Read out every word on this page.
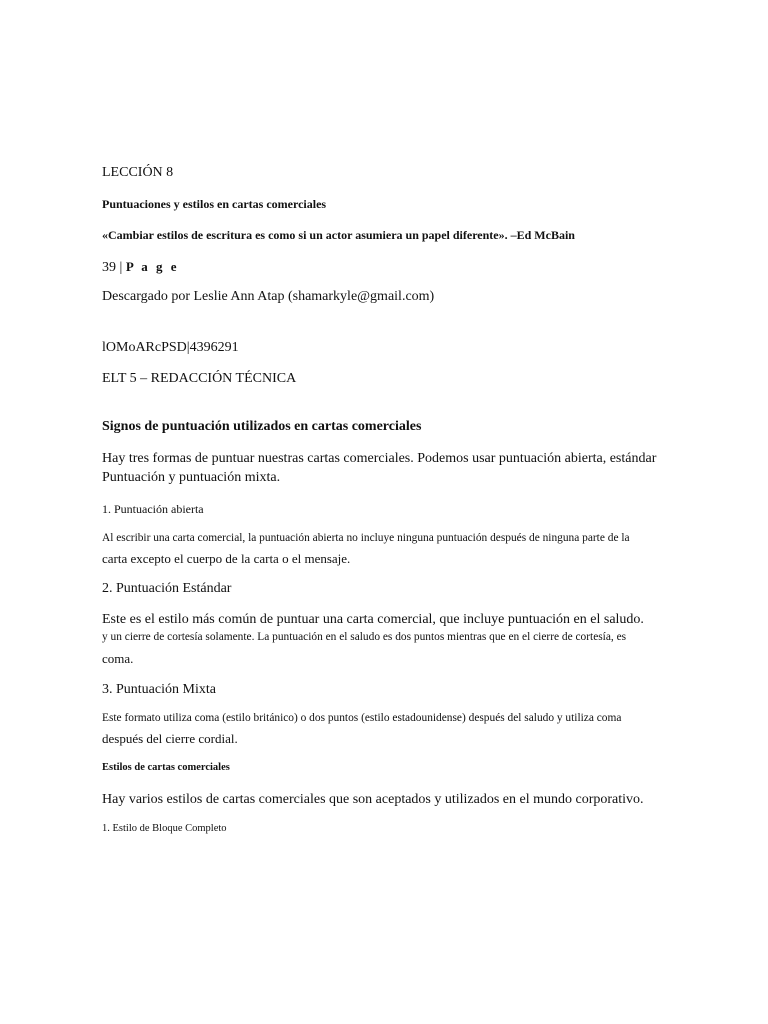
LECCIÓN 8
Puntuaciones y estilos en cartas comerciales
«Cambiar estilos de escritura es como si un actor asumiera un papel diferente». –Ed McBain
39 | P a g e
Descargado por Leslie Ann Atap (shamarkyle@gmail.com)
lOMoARcPSD|4396291
ELT 5 – REDACCIÓN TÉCNICA
Signos de puntuación utilizados en cartas comerciales
Hay tres formas de puntuar nuestras cartas comerciales. Podemos usar puntuación abierta, estándar
Puntuación y puntuación mixta.
1. Puntuación abierta
Al escribir una carta comercial, la puntuación abierta no incluye ninguna puntuación después de ninguna parte de la
carta excepto el cuerpo de la carta o el mensaje.
2. Puntuación Estándar
Este es el estilo más común de puntuar una carta comercial, que incluye puntuación en el saludo.
y un cierre de cortesía solamente. La puntuación en el saludo es dos puntos mientras que en el cierre de cortesía, es
coma.
3. Puntuación Mixta
Este formato utiliza coma (estilo británico) o dos puntos (estilo estadounidense) después del saludo y utiliza coma
después del cierre cordial.
Estilos de cartas comerciales
Hay varios estilos de cartas comerciales que son aceptados y utilizados en el mundo corporativo.
1. Estilo de Bloque Completo
